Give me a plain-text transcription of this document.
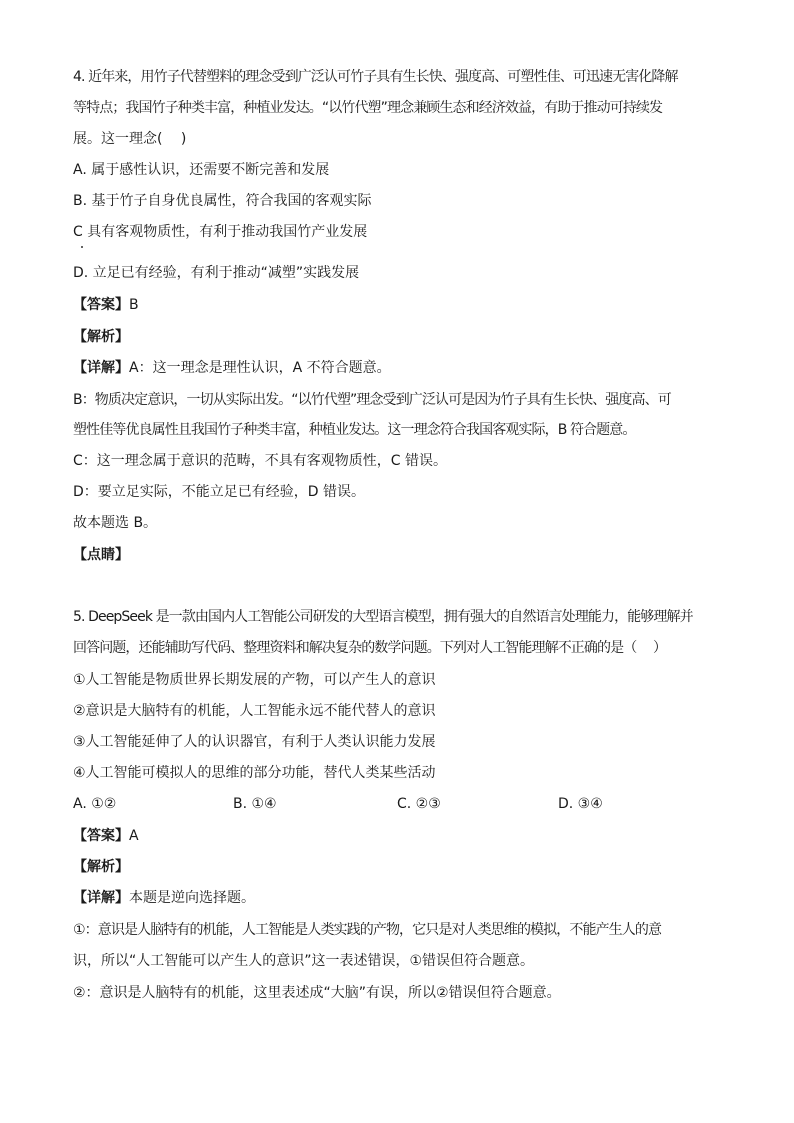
4. 近年来，用竹子代替塑料的理念受到广泛认可竹子具有生长快、强度高、可塑性佳、可迅速无害化降解
等特点；我国竹子种类丰富，种植业发达。“以竹代塑”理念兼顾生态和经济效益，有助于推动可持续发
展。这一理念(　 )
A. 属于感性认识，还需要不断完善和发展
B. 基于竹子自身优良属性，符合我国的客观实际
C 具有客观物质性，有利于推动我国竹产业发展
D. 立足已有经验，有利于推动“减塑”实践发展
【答案】B
【解析】
【详解】A：这一理念是理性认识，A 不符合题意。
B：物质决定意识，一切从实际出发。“以竹代塑”理念受到广泛认可是因为竹子具有生长快、强度高、可
塑性佳等优良属性且我国竹子种类丰富，种植业发达。这一理念符合我国客观实际，B 符合题意。
C：这一理念属于意识的范畴，不具有客观物质性，C 错误。
D：要立足实际，不能立足已有经验，D 错误。
故本题选 B。
【点睛】
5. DeepSeek 是一款由国内人工智能公司研发的大型语言模型，拥有强大的自然语言处理能力，能够理解并
回答问题，还能辅助写代码、整理资料和解决复杂的数学问题。下列对人工智能理解不正确的是（　 ）
①人工智能是物质世界长期发展的产物，可以产生人的意识
②意识是大脑特有的机能，人工智能永远不能代替人的意识
③人工智能延伸了人的认识器官，有利于人类认识能力发展
④人工智能可模拟人的思维的部分功能，替代人类某些活动
A. ①②	B. ①④	C. ②③	D. ③④
【答案】A
【解析】
【详解】本题是逆向选择题。
①：意识是人脑特有的机能，人工智能是人类实践的产物，它只是对人类思维的模拟，不能产生人的意
识，所以“人工智能可以产生人的意识”这一表述错误，①错误但符合题意。
②：意识是人脑特有的机能，这里表述成“大脑”有误，所以②错误但符合题意。
